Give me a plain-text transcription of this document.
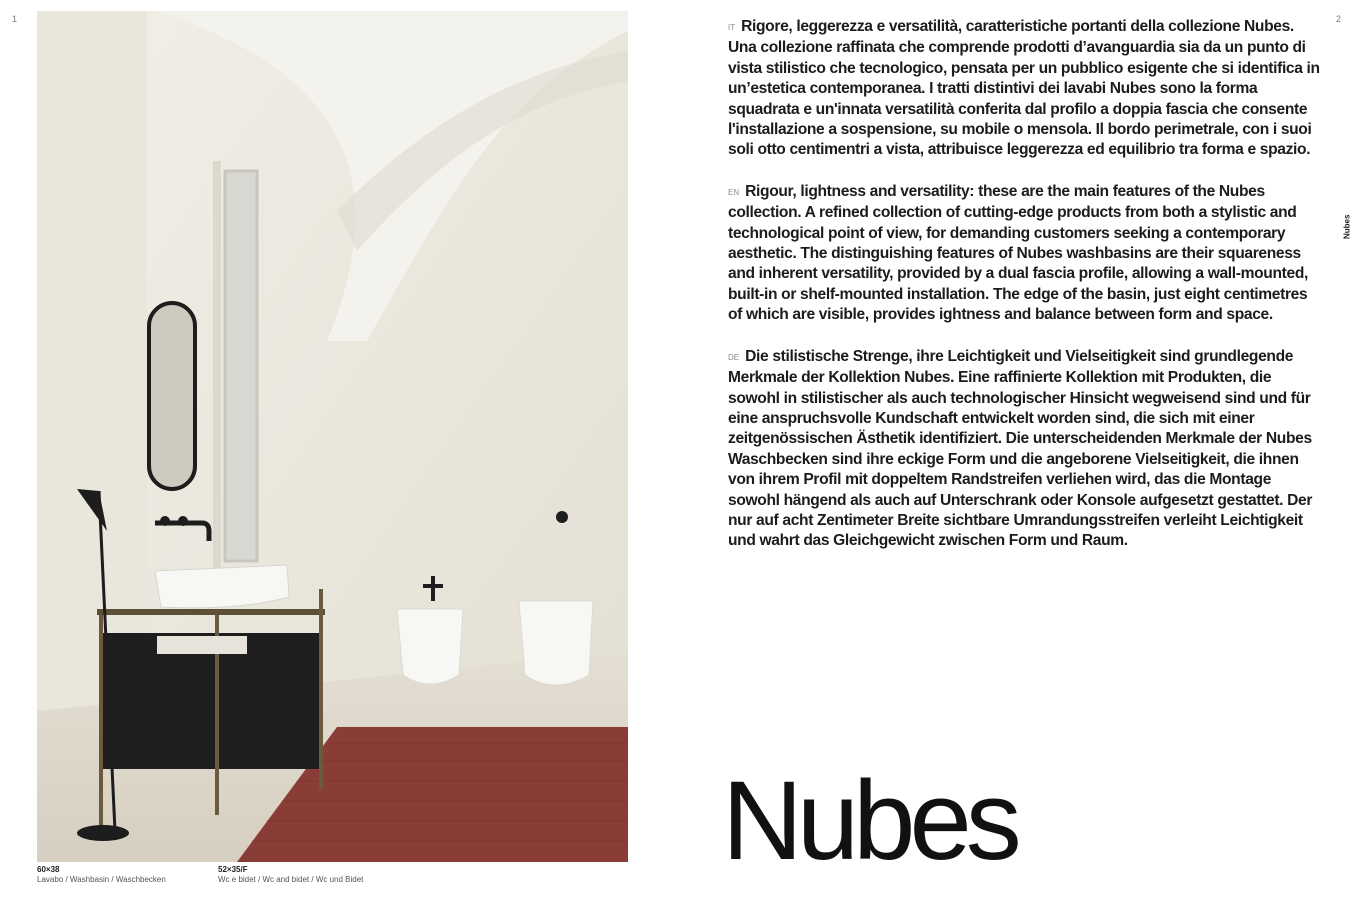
1	2
Nubes
60×38
Lavabo / Washbasin / Waschbecken
52×35/F
Wc e bidet / Wc and bidet / Wc und Bidet

IT Rigore, leggerezza e versatilità, caratteristiche portanti della collezione Nubes. Una collezione raffinata che comprende prodotti d’avanguardia sia da un punto di vista stilistico che tecnologico, pensata per un pubblico esigente che si identifica in un’estetica contemporanea. I tratti distintivi dei lavabi Nubes sono la forma squadrata e un'innata versatilità conferita dal profilo a doppia fascia che consente l'installazione a sospensione, su mobile o mensola. Il bordo perimetrale, con i suoi soli otto centimentri a vista, attribuisce leggerezza ed equilibrio tra forma e spazio.

EN Rigour, lightness and versatility: these are the main features of the Nubes collection. A refined collection of cutting-edge products from both a stylistic and technological point of view, for demanding customers seeking a contemporary aesthetic. The distinguishing features of Nubes washbasins are their squareness and inherent versatility, provided by a dual fascia profile, allowing a wall-mounted, built-in or shelf-mounted installation. The edge of the basin, just eight centimetres of which are visible, provides ightness and balance between form and space.

DE Die stilistische Strenge, ihre Leichtigkeit und Vielseitigkeit sind grundlegende Merkmale der Kollektion Nubes. Eine raffinierte Kollektion mit Produkten, die sowohl in stilistischer als auch technologischer Hinsicht wegweisend sind und für eine anspruchsvolle Kundschaft entwickelt worden sind, die sich mit einer zeitgenössischen Ästhetik identifiziert. Die unterscheidenden Merkmale der Nubes Waschbecken sind ihre eckige Form und die angeborene Vielseitigkeit, die ihnen von ihrem Profil mit doppeltem Randstreifen verliehen wird, das die Montage sowohl hängend als auch auf Unterschrank oder Konsole aufgesetzt gestattet. Der nur auf acht Zentimeter Breite sichtbare Umrandungsstreifen verleiht Leichtigkeit und wahrt das Gleichgewicht zwischen Form und Raum.

Nubes
